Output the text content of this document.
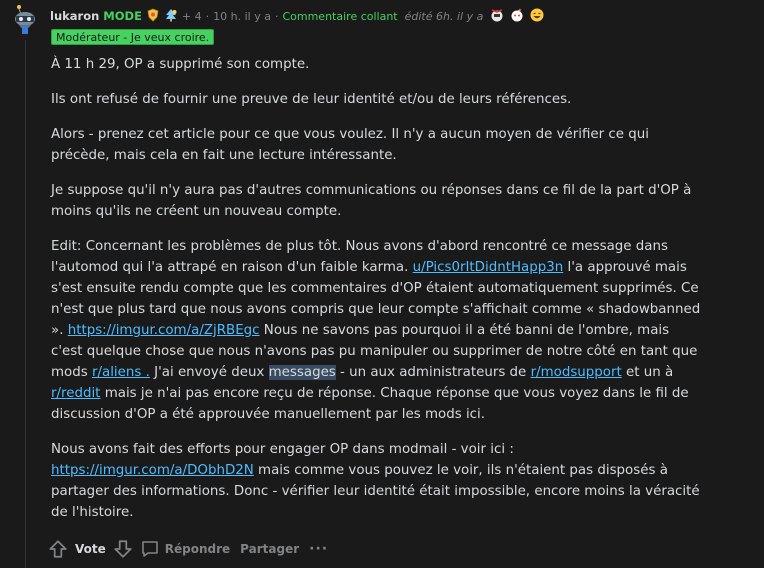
lukaron MODE	+ 4 · 10 h. il y a · Commentaire collant édité 6h. il y a
Modérateur - Je veux croire.

À 11 h 29, OP a supprimé son compte.

Ils ont refusé de fournir une preuve de leur identité et/ou de leurs références.

Alors - prenez cet article pour ce que vous voulez. Il n'y a aucun moyen de vérifier ce qui précède, mais cela en fait une lecture intéressante.

Je suppose qu'il n'y aura pas d'autres communications ou réponses dans ce fil de la part d'OP à moins qu'ils ne créent un nouveau compte.

Edit: Concernant les problèmes de plus tôt. Nous avons d'abord rencontré ce message dans l'automod qui l'a attrapé en raison d'un faible karma. u/Pics0rItDidntHapp3n l'a approuvé mais s'est ensuite rendu compte que les commentaires d'OP étaient automatiquement supprimés. Ce n'est que plus tard que nous avons compris que leur compte s'affichait comme « shadowbanned ». https://imgur.com/a/ZjRBEgc Nous ne savons pas pourquoi il a été banni de l'ombre, mais c'est quelque chose que nous n'avons pas pu manipuler ou supprimer de notre côté en tant que mods r/aliens . J'ai envoyé deux messages - un aux administrateurs de r/modsupport et un à r/reddit mais je n'ai pas encore reçu de réponse. Chaque réponse que vous voyez dans le fil de discussion d'OP a été approuvée manuellement par les mods ici.

Nous avons fait des efforts pour engager OP dans modmail - voir ici : https://imgur.com/a/DObhD2N mais comme vous pouvez le voir, ils n'étaient pas disposés à partager des informations. Donc - vérifier leur identité était impossible, encore moins la véracité de l'histoire.

Vote	Répondre Partager ···
